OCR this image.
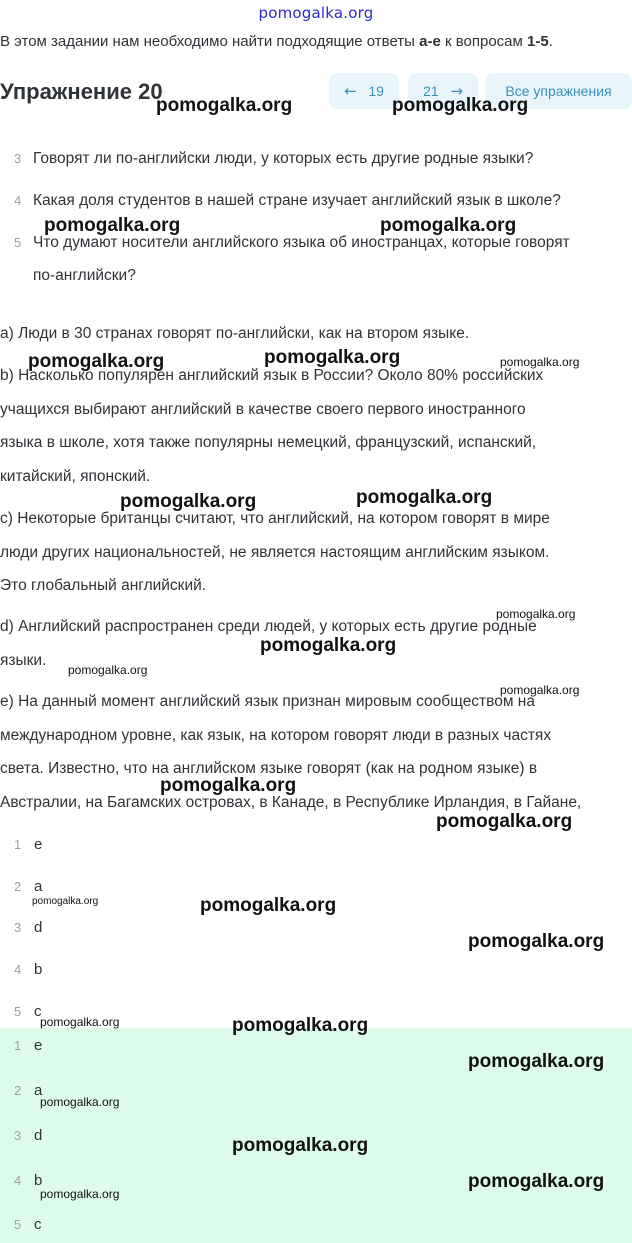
pomogalka.org
В этом задании нам необходимо найти подходящие ответы a-e к вопросам 1-5.
Упражнение 20	← 19	21 →	Все упражнения
3 Говорят ли по-английски люди, у которых есть другие родные языки?
4 Какая доля студентов в нашей стране изучает английский язык в школе?
5 Что думают носители английского языка об иностранцах, которые говорят
по-английски?
a) Люди в 30 странах говорят по-английски, как на втором языке.
b) Насколько популярен английский язык в России? Около 80% российских
учащихся выбирают английский в качестве своего первого иностранного
языка в школе, хотя также популярны немецкий, французский, испанский,
китайский, японский.
c) Некоторые британцы считают, что английский, на котором говорят в мире
люди других национальностей, не является настоящим английским языком.
Это глобальный английский.
d) Английский распространен среди людей, у которых есть другие родные
языки.
e) На данный момент английский язык признан мировым сообществом на
международном уровне, как язык, на котором говорят люди в разных частях
света. Известно, что на английском языке говорят (как на родном языке) в
Австралии, на Багамских островах, в Канаде, в Республике Ирландия, в Гайане,
1 e
2 a
3 d
4 b
5 c
1 e
2 a
3 d
4 b
5 c
pomogalka.org	pomogalka.org
pomogalka.org	pomogalka.org
pomogalka.org	pomogalka.org	pomogalka.org
pomogalka.org	pomogalka.org
pomogalka.org
pomogalka.org
pomogalka.org
pomogalka.org
pomogalka.org
pomogalka.org
pomogalka.org	pomogalka.org
pomogalka.org
pomogalka.org	pomogalka.org
pomogalka.org
pomogalka.org
pomogalka.org
pomogalka.org
pomogalka.org
